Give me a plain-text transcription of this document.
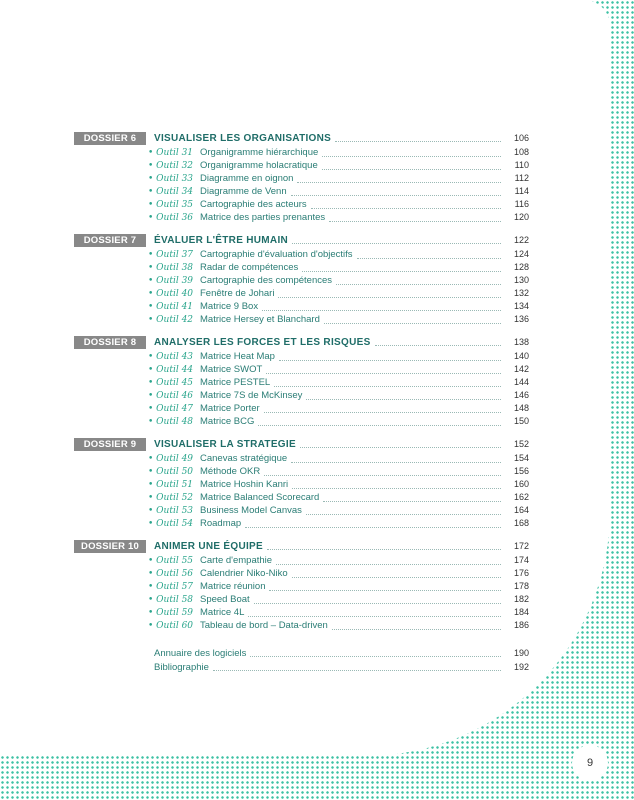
DOSSIER 6	VISUALISER LES ORGANISATIONS	106
• Outil 31 Organigramme hiérarchique	108
• Outil 32 Organigramme holacratique	110
• Outil 33 Diagramme en oignon	112
• Outil 34 Diagramme de Venn	114
• Outil 35 Cartographie des acteurs	116
• Outil 36 Matrice des parties prenantes	120
DOSSIER 7	ÉVALUER L'ÊTRE HUMAIN	122
• Outil 37 Cartographie d'évaluation d'objectifs	124
• Outil 38 Radar de compétences	128
• Outil 39 Cartographie des compétences	130
• Outil 40 Fenêtre de Johari	132
• Outil 41 Matrice 9 Box	134
• Outil 42 Matrice Hersey et Blanchard	136
DOSSIER 8	ANALYSER LES FORCES ET LES RISQUES	138
• Outil 43 Matrice Heat Map	140
• Outil 44 Matrice SWOT	142
• Outil 45 Matrice PESTEL	144
• Outil 46 Matrice 7S de McKinsey	146
• Outil 47 Matrice Porter	148
• Outil 48 Matrice BCG	150
DOSSIER 9	VISUALISER LA STRATEGIE	152
• Outil 49 Canevas stratégique	154
• Outil 50 Méthode OKR	156
• Outil 51 Matrice Hoshin Kanri	160
• Outil 52 Matrice Balanced Scorecard	162
• Outil 53 Business Model Canvas	164
• Outil 54 Roadmap	168
DOSSIER 10	ANIMER UNE ÉQUIPE	172
• Outil 55 Carte d'empathie	174
• Outil 56 Calendrier Niko-Niko	176
• Outil 57 Matrice réunion	178
• Outil 58 Speed Boat	182
• Outil 59 Matrice 4L	184
• Outil 60 Tableau de bord – Data-driven	186
Annuaire des logiciels	190
Bibliographie	192
9
